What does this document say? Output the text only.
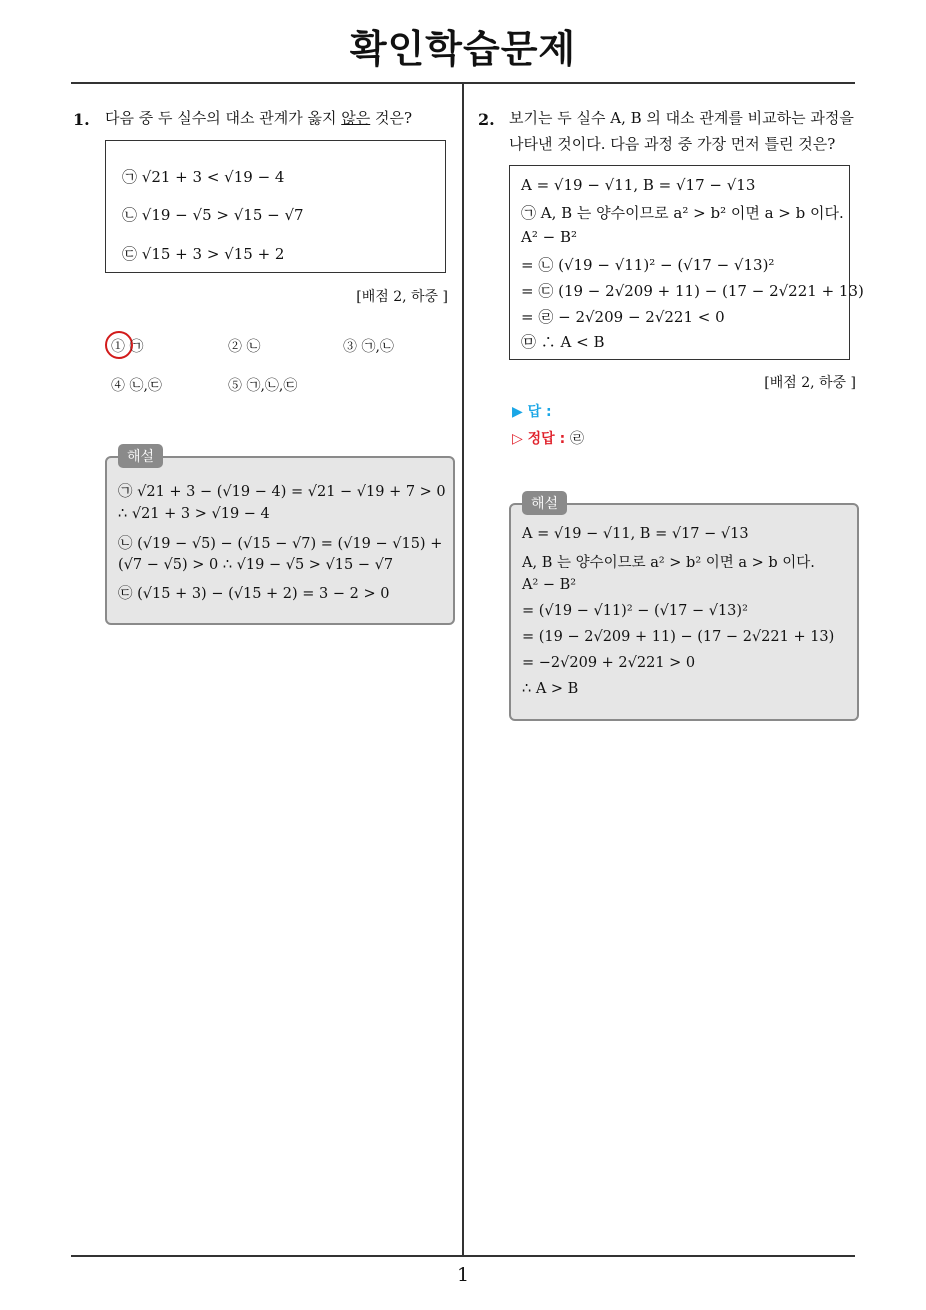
확인학습문제
1. 다음 중 두 실수의 대소 관계가 옳지 않은 것은?
㉠ √21 + 3 < √19 − 4
㉡ √19 − √5 > √15 − √7
㉢ √15 + 3 > √15 + 2
[배점 2, 하중 ]
① ㉠	② ㉡	③ ㉠,㉡
④ ㉡,㉢	⑤ ㉠,㉡,㉢
해설
㉠ √21 + 3 − (√19 − 4) = √21 − √19 + 7 > 0
∴ √21 + 3 > √19 − 4
㉡ (√19 − √5) − (√15 − √7) = (√19 − √15) +
(√7 − √5) > 0 ∴ √19 − √5 > √15 − √7
㉢ (√15 + 3) − (√15 + 2) = 3 − 2 > 0
2. 보기는 두 실수 A, B 의 대소 관계를 비교하는 과정을
나타낸 것이다. 다음 과정 중 가장 먼저 틀린 것은?
A = √19 − √11, B = √17 − √13
㉠ A, B 는 양수이므로 a² > b² 이면 a > b 이다.
A² − B²
= ㉡ (√19 − √11)² − (√17 − √13)²
= ㉢ (19 − 2√209 + 11) − (17 − 2√221 + 13)
= ㉣ − 2√209 − 2√221 < 0
㉤ ∴ A < B
[배점 2, 하중 ]
▶ 답 :
▷ 정답 : ㉣
해설
A = √19 − √11, B = √17 − √13
A, B 는 양수이므로 a² > b² 이면 a > b 이다.
A² − B²
= (√19 − √11)² − (√17 − √13)²
= (19 − 2√209 + 11) − (17 − 2√221 + 13)
= −2√209 + 2√221 > 0
∴ A > B
1
